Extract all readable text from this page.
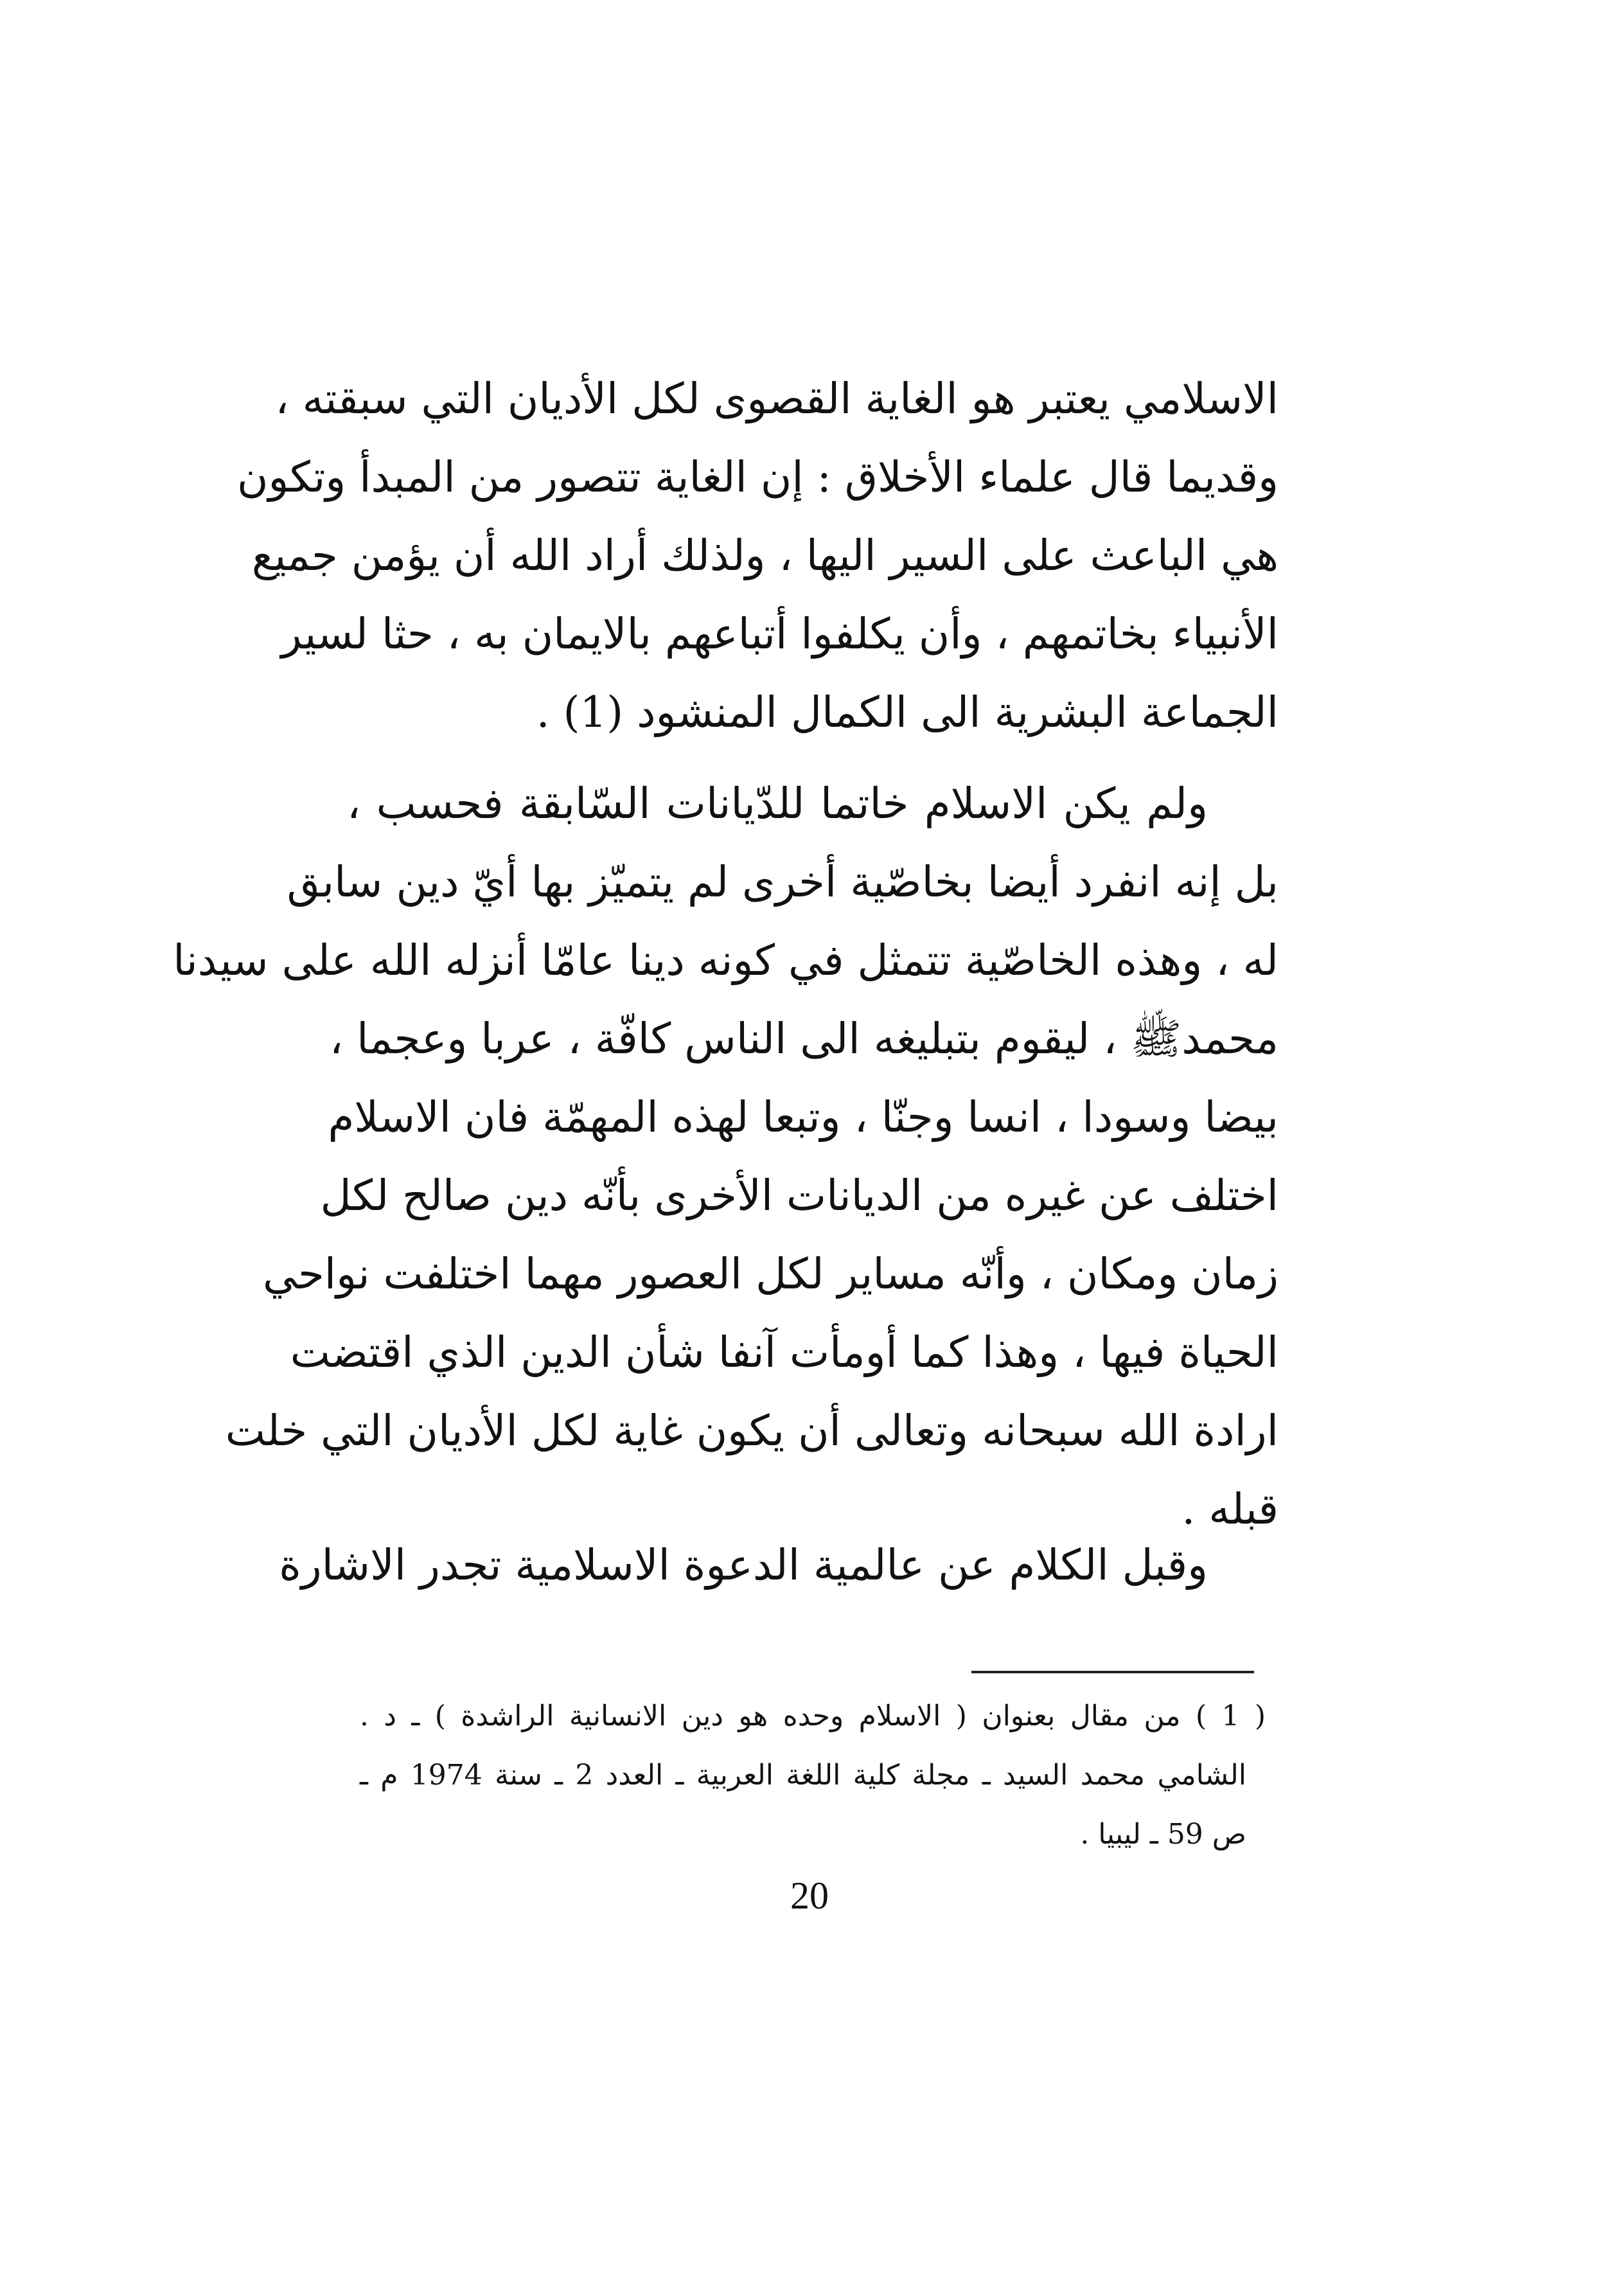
الاسلامي يعتبر هو الغاية القصوى لكل الأديان التي سبقته ،
وقديما قال علماء الأخلاق : إن الغاية تتصور من المبدأ وتكون
هي الباعث على السير اليها ، ولذلك أراد الله أن يؤمن جميع
الأنبياء بخاتمهم ، وأن يكلفوا أتباعهم بالايمان به ، حثا لسير
الجماعة البشرية الى الكمال المنشود (1) .
ولم يكن الاسلام خاتما للدّيانات السّابقة فحسب ،
بل إنه انفرد أيضا بخاصّية أخرى لم يتميّز بها أيّ دين سابق
له ، وهذه الخاصّية تتمثل في كونه دينا عامّا أنزله الله على سيدنا
محمدﷺ ، ليقوم بتبليغه الى الناس كافّة ، عربا وعجما ،
بيضا وسودا ، انسا وجنّا ، وتبعا لهذه المهمّة فان الاسلام
اختلف عن غيره من الديانات الأخرى بأنّه دين صالح لكل
زمان ومكان ، وأنّه مساير لكل العصور مهما اختلفت نواحي
الحياة فيها ، وهذا كما أومأت آنفا شأن الدين الذي اقتضت
ارادة الله سبحانه وتعالى أن يكون غاية لكل الأديان التي خلت
قبله .
وقبل الكلام عن عالمية الدعوة الاسلامية تجدر الاشارة
( 1 ) من مقال بعنوان ( الاسلام وحده هو دين الانسانية الراشدة ) ـ د .
الشامي محمد السيد ـ مجلة كلية اللغة العربية ـ العدد 2 ـ سنة 1974 م ـ
ص 59 ـ ليبيا .
20
